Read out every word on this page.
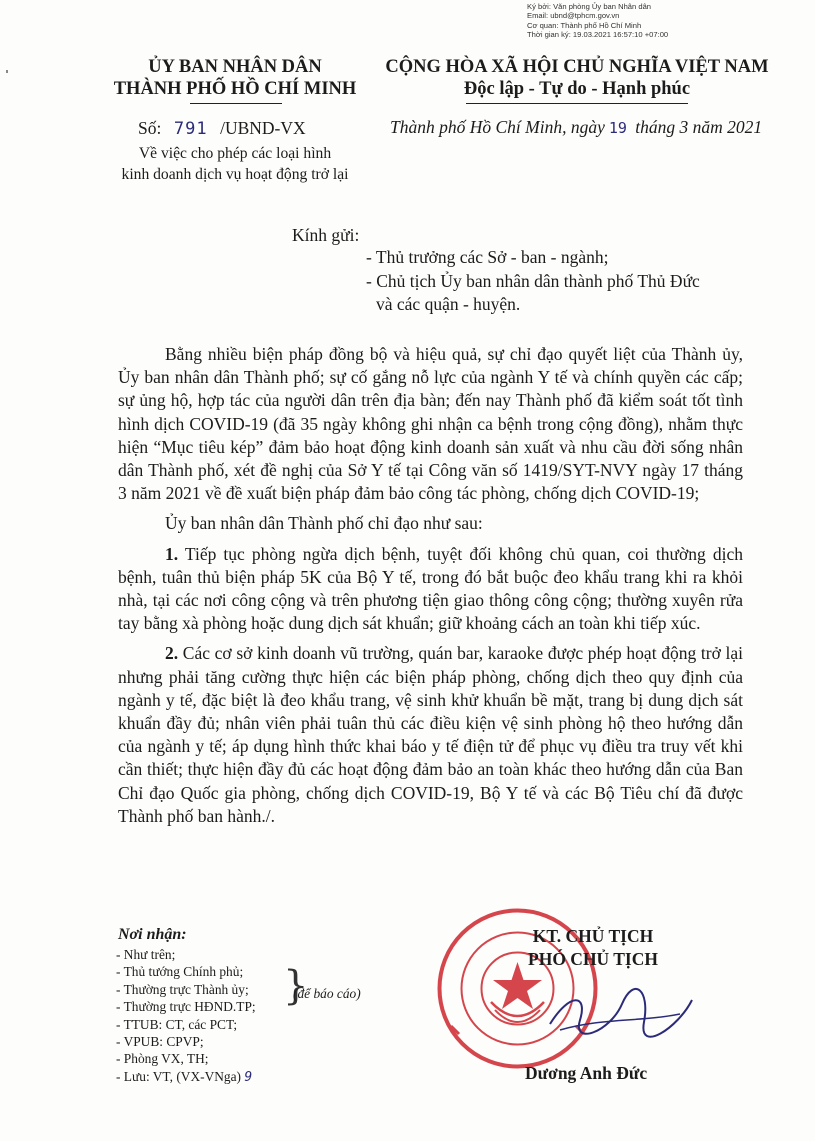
Ký bởi: Văn phòng Ủy ban Nhân dân
Email: ubnd@tphcm.gov.vn
Cơ quan: Thành phố Hồ Chí Minh
Thời gian ký: 19.03.2021 16:57:10 +07:00
ỦY BAN NHÂN DÂN
THÀNH PHỐ HỒ CHÍ MINH
CỘNG HÒA XÃ HỘI CHỦ NGHĨA VIỆT NAM
Độc lập - Tự do - Hạnh phúc
Số: 791 /UBND-VX
Về việc cho phép các loại hình
kinh doanh dịch vụ hoạt động trở lại
Thành phố Hồ Chí Minh, ngày 19 tháng 3 năm 2021
Kính gửi:
- Thủ trưởng các Sở - ban - ngành;
- Chủ tịch Ủy ban nhân dân thành phố Thủ Đức
và các quận - huyện.

Bằng nhiều biện pháp đồng bộ và hiệu quả, sự chỉ đạo quyết liệt của Thành ủy, Ủy ban nhân dân Thành phố; sự cố gắng nỗ lực của ngành Y tế và chính quyền các cấp; sự ủng hộ, hợp tác của người dân trên địa bàn; đến nay Thành phố đã kiểm soát tốt tình hình dịch COVID-19 (đã 35 ngày không ghi nhận ca bệnh trong cộng đồng), nhằm thực hiện “Mục tiêu kép” đảm bảo hoạt động kinh doanh sản xuất và nhu cầu đời sống nhân dân Thành phố, xét đề nghị của Sở Y tế tại Công văn số 1419/SYT-NVY ngày 17 tháng 3 năm 2021 về đề xuất biện pháp đảm bảo công tác phòng, chống dịch COVID-19;

Ủy ban nhân dân Thành phố chỉ đạo như sau:

1. Tiếp tục phòng ngừa dịch bệnh, tuyệt đối không chủ quan, coi thường dịch bệnh, tuân thủ biện pháp 5K của Bộ Y tế, trong đó bắt buộc đeo khẩu trang khi ra khỏi nhà, tại các nơi công cộng và trên phương tiện giao thông công cộng; thường xuyên rửa tay bằng xà phòng hoặc dung dịch sát khuẩn; giữ khoảng cách an toàn khi tiếp xúc.

2. Các cơ sở kinh doanh vũ trường, quán bar, karaoke được phép hoạt động trở lại nhưng phải tăng cường thực hiện các biện pháp phòng, chống dịch theo quy định của ngành y tế, đặc biệt là đeo khẩu trang, vệ sinh khử khuẩn bề mặt, trang bị dung dịch sát khuẩn đầy đủ; nhân viên phải tuân thủ các điều kiện vệ sinh phòng hộ theo hướng dẫn của ngành y tế; áp dụng hình thức khai báo y tế điện tử để phục vụ điều tra truy vết khi cần thiết; thực hiện đầy đủ các hoạt động đảm bảo an toàn khác theo hướng dẫn của Ban Chỉ đạo Quốc gia phòng, chống dịch COVID-19, Bộ Y tế và các Bộ Tiêu chí đã được Thành phố ban hành./.

Nơi nhận:
- Như trên;
- Thủ tướng Chính phủ;
- Thường trực Thành ủy;
- Thường trực HĐND.TP;
- TTUB: CT, các PCT;
- VPUB: CPVP;
- Phòng VX, TH;
- Lưu: VT, (VX-VNga) 9
}
(để báo cáo)
KT. CHỦ TỊCH
PHÓ CHỦ TỊCH
Dương Anh Đức
